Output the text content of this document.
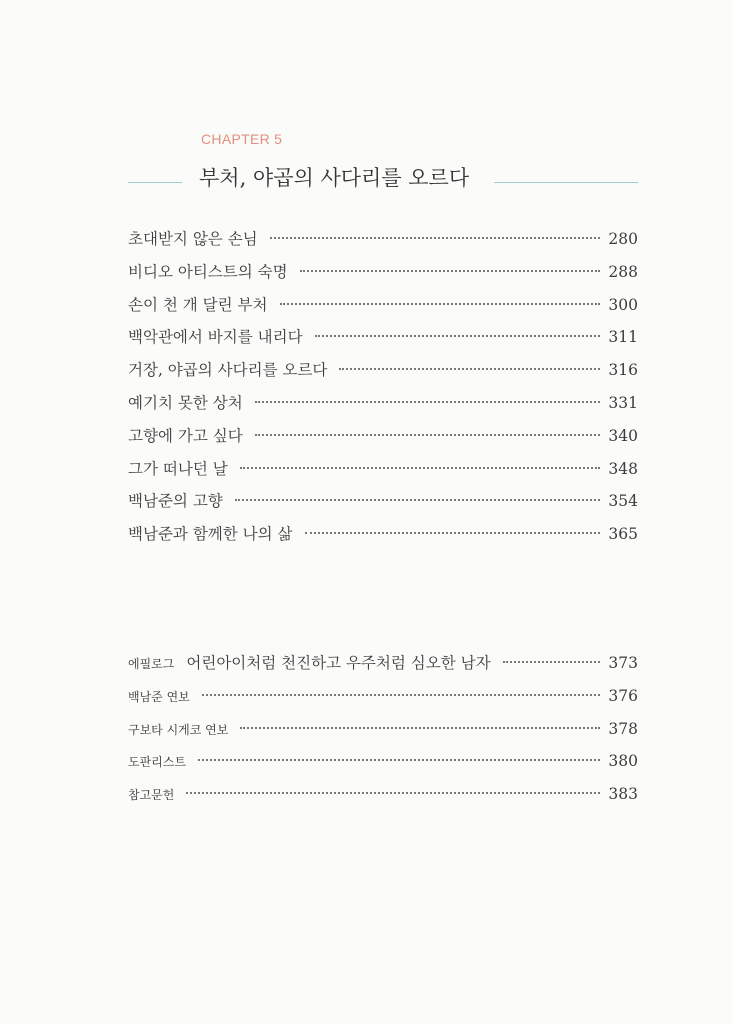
CHAPTER 5
부처, 야곱의 사다리를 오르다
초대받지 않은 손님	280
비디오 아티스트의 숙명	288
손이 천 개 달린 부처	300
백악관에서 바지를 내리다	311
거장, 야곱의 사다리를 오르다	316
예기치 못한 상처	331
고향에 가고 싶다	340
그가 떠나던 날	348
백남준의 고향	354
백남준과 함께한 나의 삶	365
에필로그 어린아이처럼 천진하고 우주처럼 심오한 남자	373
백남준 연보	376
구보타 시게코 연보	378
도판리스트	380
참고문헌	383
